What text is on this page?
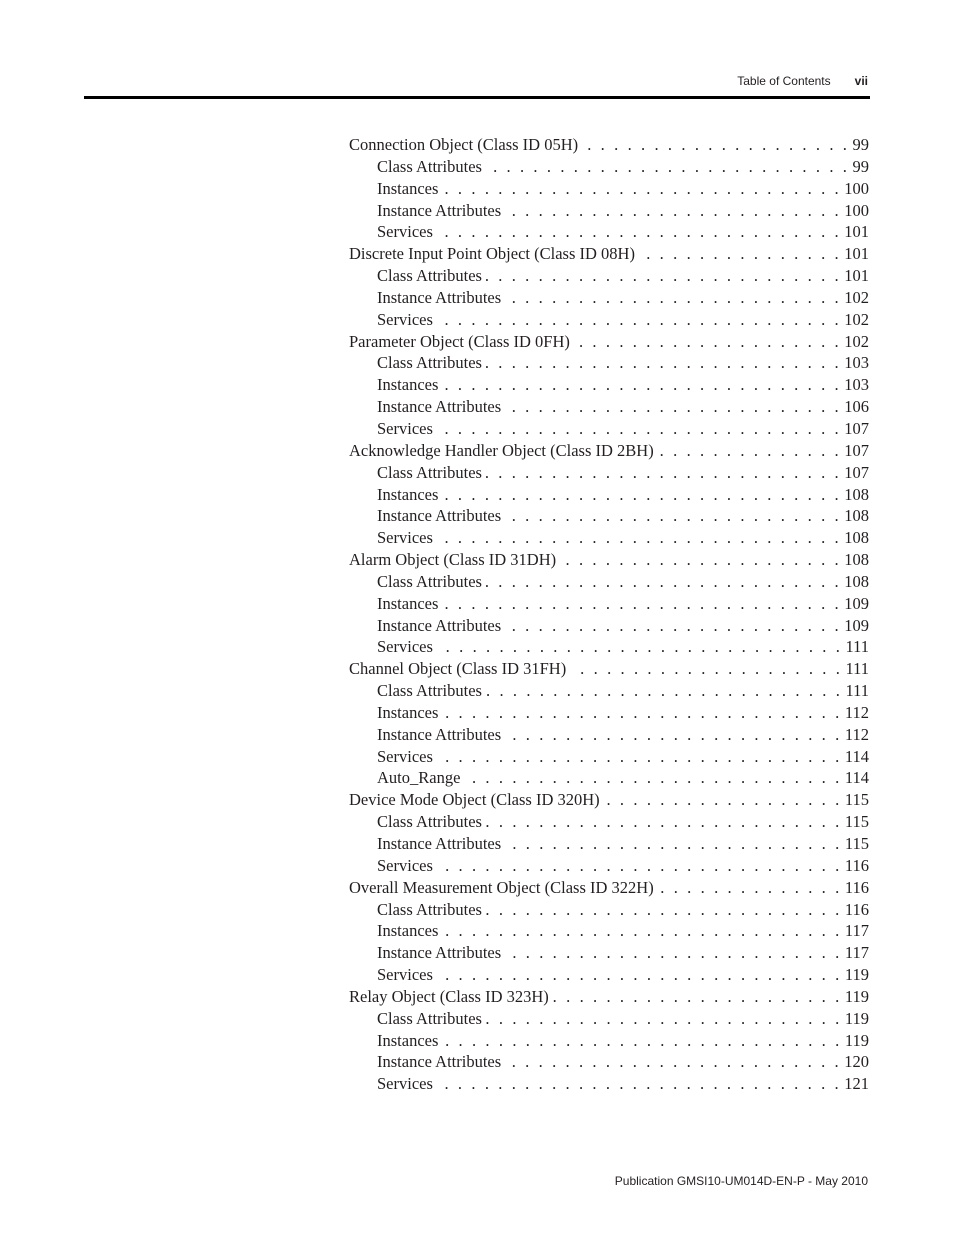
Table of Contents vii
Connection Object (Class ID 05H) . . .	99
Class Attributes . . .	99
Instances . . .	100
Instance Attributes . . .	100
Services . . .	101
Discrete Input Point Object (Class ID 08H) . . .	101
Class Attributes . . .	101
Instance Attributes . . .	102
Services . . .	102
Parameter Object (Class ID 0FH) . . .	102
Class Attributes . . .	103
Instances . . .	103
Instance Attributes . . .	106
Services . . .	107
Acknowledge Handler Object (Class ID 2BH) . . .	107
Class Attributes . . .	107
Instances . . .	108
Instance Attributes . . .	108
Services . . .	108
Alarm Object (Class ID 31DH) . . .	108
Class Attributes . . .	108
Instances . . .	109
Instance Attributes . . .	109
Services . . .	111
Channel Object (Class ID 31FH) . . .	111
Class Attributes . . .	111
Instances . . .	112
Instance Attributes . . .	112
Services . . .	114
Auto_Range . . .	114
Device Mode Object (Class ID 320H) . . .	115
Class Attributes . . .	115
Instance Attributes . . .	115
Services . . .	116
Overall Measurement Object (Class ID 322H) . . .	116
Class Attributes . . .	116
Instances . . .	117
Instance Attributes . . .	117
Services . . .	119
Relay Object (Class ID 323H) . . .	119
Class Attributes . . .	119
Instances . . .	119
Instance Attributes . . .	120
Services . . .	121
Publication GMSI10-UM014D-EN-P - May 2010
